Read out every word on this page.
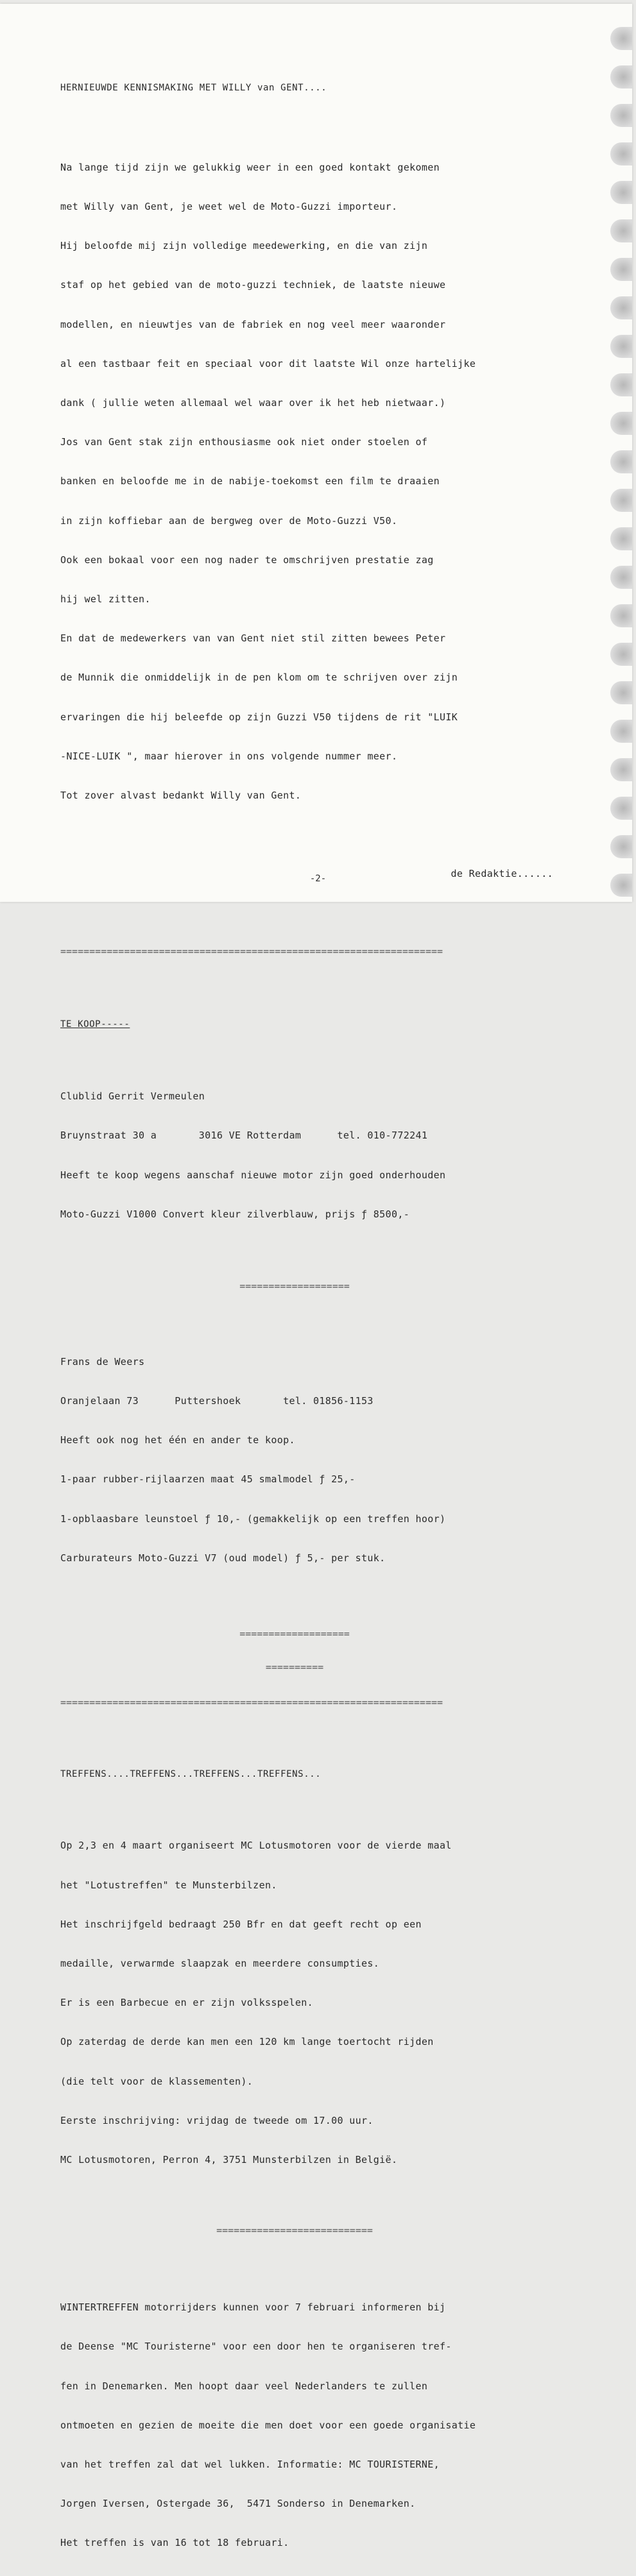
HERNIEUWDE KENNISMAKING MET WILLY van GENT....

Na lange tijd zijn we gelukkig weer in een goed kontakt gekomen

met Willy van Gent, je weet wel de Moto-Guzzi importeur.

Hij beloofde mij zijn volledige meedewerking, en die van zijn

staf op het gebied van de moto-guzzi techniek, de laatste nieuwe

modellen, en nieuwtjes van de fabriek en nog veel meer waaronder

al een tastbaar feit en speciaal voor dit laatste Wil onze hartelijke

dank ( jullie weten allemaal wel waar over ik het heb nietwaar.)

Jos van Gent stak zijn enthousiasme ook niet onder stoelen of

banken en beloofde me in de nabije-toekomst een film te draaien

in zijn koffiebar aan de bergweg over de Moto-Guzzi V50.

Ook een bokaal voor een nog nader te omschrijven prestatie zag

hij wel zitten.

En dat de medewerkers van van Gent niet stil zitten bewees Peter

de Munnik die onmiddelijk in de pen klom om te schrijven over zijn

ervaringen die hij beleefde op zijn Guzzi V50 tijdens de rit "LUIK

-NICE-LUIK ", maar hierover in ons volgende nummer meer.

Tot zover alvast bedankt Willy van Gent.

de Redaktie......

==================================================================

TE KOOP-----

Clublid Gerrit Vermeulen

Bruynstraat 30 a       3016 VE Rotterdam      tel. 010-772241

Heeft te koop wegens aanschaf nieuwe motor zijn goed onderhouden

Moto-Guzzi V1000 Convert kleur zilverblauw, prijs ƒ 8500,-

===================

Frans de Weers

Oranjelaan 73      Puttershoek       tel. 01856-1153

Heeft ook nog het één en ander te koop.

1-paar rubber-rijlaarzen maat 45 smalmodel ƒ 25,-

1-opblaasbare leunstoel ƒ 10,- (gemakkelijk op een treffen hoor)

Carburateurs Moto-Guzzi V7 (oud model) ƒ 5,- per stuk.

===================

==========

==================================================================

TREFFENS....TREFFENS...TREFFENS...TREFFENS...

Op 2,3 en 4 maart organiseert MC Lotusmotoren voor de vierde maal

het "Lotustreffen" te Munsterbilzen.

Het inschrijfgeld bedraagt 250 Bfr en dat geeft recht op een

medaille, verwarmde slaapzak en meerdere consumpties.

Er is een Barbecue en er zijn volksspelen.

Op zaterdag de derde kan men een 120 km lange toertocht rijden

(die telt voor de klassementen).

Eerste inschrijving: vrijdag de tweede om 17.00 uur.

MC Lotusmotoren, Perron 4, 3751 Munsterbilzen in België.

===========================

WINTERTREFFEN motorrijders kunnen voor 7 februari informeren bij

de Deense "MC Touristerne" voor een door hen te organiseren tref-

fen in Denemarken. Men hoopt daar veel Nederlanders te zullen

ontmoeten en gezien de moeite die men doet voor een goede organisatie

van het treffen zal dat wel lukken. Informatie: MC TOURISTERNE,

Jorgen Iversen, Ostergade 36,  5471 Sonderso in Denemarken.

Het treffen is van 16 tot 18 februari.

-2-
